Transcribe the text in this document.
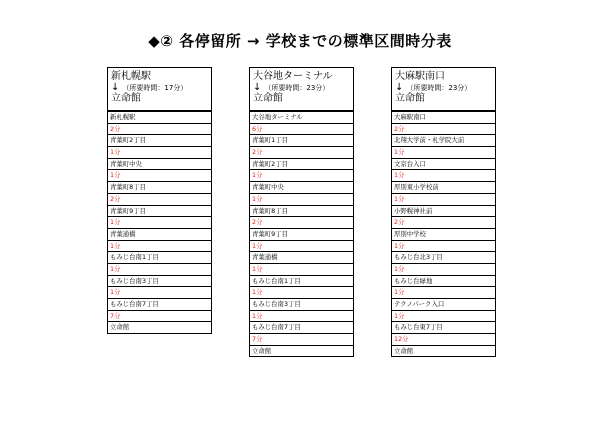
◆② 各停留所 → 学校までの標準区間時分表
新札幌駅
↓ （所要時間：17分）
立命館
新札幌駅
2分
青葉町2丁目
1分
青葉町中央
1分
青葉町8丁目
2分
青葉町9丁目
1分
青葉通橋
1分
もみじ台南1丁目
1分
もみじ台南3丁目
1分
もみじ台南7丁目
7分
立命館
大谷地ターミナル
↓ （所要時間：23分）
立命館
大谷地ターミナル
6分
青葉町1丁目
2分
青葉町2丁目
1分
青葉町中央
1分
青葉町8丁目
2分
青葉町9丁目
1分
青葉通橋
1分
もみじ台南1丁目
1分
もみじ台南3丁目
1分
もみじ台南7丁目
7分
立命館
大麻駅南口
↓ （所要時間：23分）
立命館
大麻駅南口
2分
北翔大学前・札学院大前
1分
文京台入口
1分
厚別東小学校前
1分
小野幌神社前
2分
厚別中学校
1分
もみじ台北3丁目
1分
もみじ台緑地
1分
テクノパーク入口
1分
もみじ台東7丁目
12分
立命館
